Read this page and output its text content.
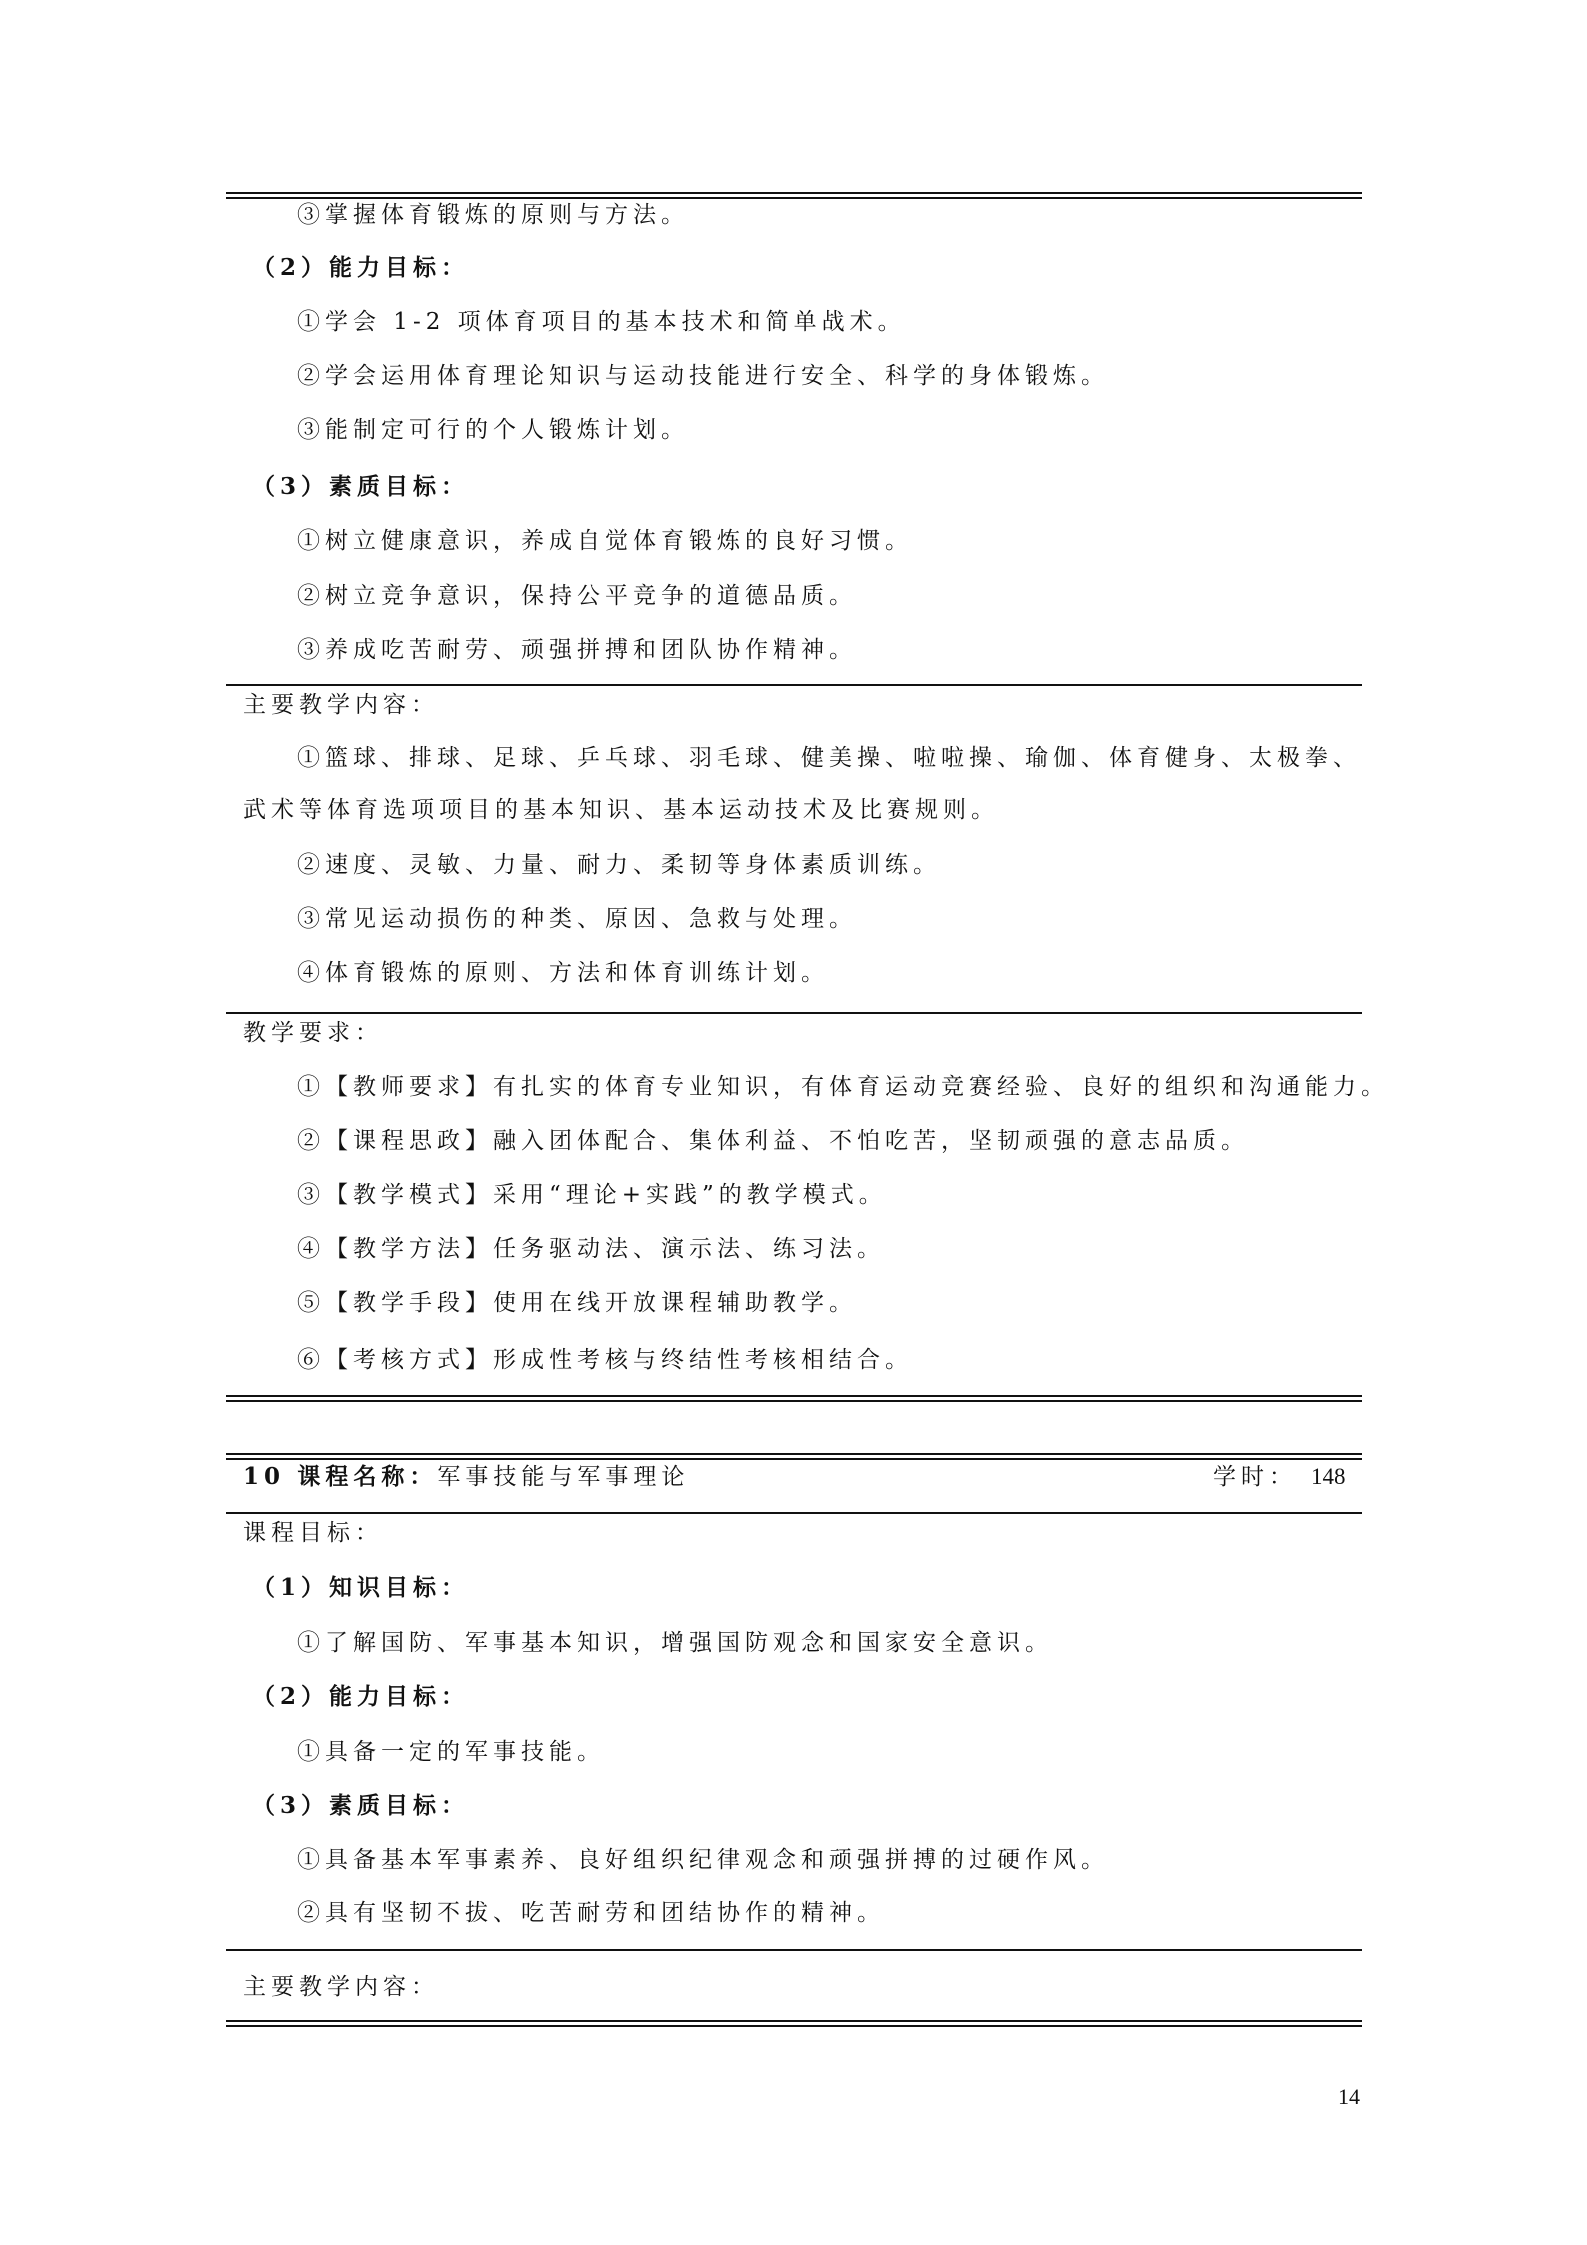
③掌握体育锻炼的原则与方法。
（2）能力目标：
①学会 1-2 项体育项目的基本技术和简单战术。
②学会运用体育理论知识与运动技能进行安全、科学的身体锻炼。
③能制定可行的个人锻炼计划。
（3）素质目标：
①树立健康意识，养成自觉体育锻炼的良好习惯。
②树立竞争意识，保持公平竞争的道德品质。
③养成吃苦耐劳、顽强拼搏和团队协作精神。
主要教学内容：
①篮球、排球、足球、乒乓球、羽毛球、健美操、啦啦操、瑜伽、体育健身、太极拳、
武术等体育选项项目的基本知识、基本运动技术及比赛规则。
②速度、灵敏、力量、耐力、柔韧等身体素质训练。
③常见运动损伤的种类、原因、急救与处理。
④体育锻炼的原则、方法和体育训练计划。
教学要求：
①【教师要求】有扎实的体育专业知识，有体育运动竞赛经验、良好的组织和沟通能力。
②【课程思政】融入团体配合、集体利益、不怕吃苦，坚韧顽强的意志品质。
③【教学模式】采用“理论+实践”的教学模式。
④【教学方法】任务驱动法、演示法、练习法。
⑤【教学手段】使用在线开放课程辅助教学。
⑥【考核方式】形成性考核与终结性考核相结合。
10 课程名称：军事技能与军事理论	学时： 148
课程目标：
（1）知识目标：
①了解国防、军事基本知识，增强国防观念和国家安全意识。
（2）能力目标：
①具备一定的军事技能。
（3）素质目标：
①具备基本军事素养、良好组织纪律观念和顽强拼搏的过硬作风。
②具有坚韧不拔、吃苦耐劳和团结协作的精神。
主要教学内容：
14
